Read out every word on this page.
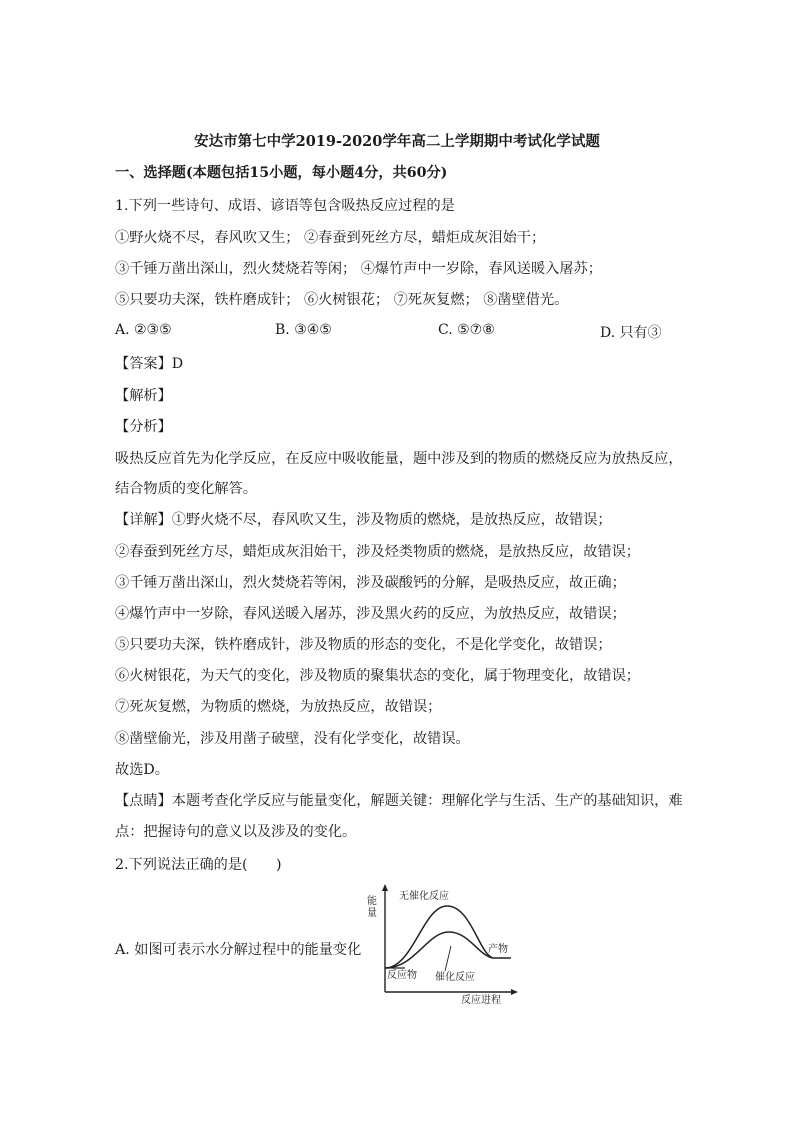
安达市第七中学2019-2020学年高二上学期期中考试化学试题
一、选择题(本题包括15小题，每小题4分，共60分)
1.下列一些诗句、成语、谚语等包含吸热反应过程的是
①野火烧不尽，春风吹又生； ②春蚕到死丝方尽，蜡炬成灰泪始干；
③千锤万凿出深山，烈火焚烧若等闲； ④爆竹声中一岁除，春风送暖入屠苏；
⑤只要功夫深，铁杵磨成针； ⑥火树银花； ⑦死灰复燃； ⑧凿壁借光。
A. ②③⑤	B. ③④⑤	C. ⑤⑦⑧	D. 只有③
【答案】D
【解析】
【分析】
吸热反应首先为化学反应，在反应中吸收能量，题中涉及到的物质的燃烧反应为放热反应，
结合物质的变化解答。
【详解】①野火烧不尽，春风吹又生，涉及物质的燃烧，是放热反应，故错误；
②春蚕到死丝方尽，蜡炬成灰泪始干，涉及烃类物质的燃烧，是放热反应，故错误；
③千锤万凿出深山，烈火焚烧若等闲，涉及碳酸钙的分解，是吸热反应，故正确；
④爆竹声中一岁除，春风送暖入屠苏，涉及黑火药的反应，为放热反应，故错误；
⑤只要功夫深，铁杵磨成针，涉及物质的形态的变化，不是化学变化，故错误；
⑥火树银花，为天气的变化，涉及物质的聚集状态的变化，属于物理变化，故错误；
⑦死灰复燃，为物质的燃烧，为放热反应，故错误；
⑧凿壁偷光，涉及用凿子破壁，没有化学变化，故错误。
故选D。
【点睛】本题考查化学反应与能量变化，解题关键：理解化学与生活、生产的基础知识，难
点：把握诗句的意义以及涉及的变化。
2.下列说法正确的是(　　)
A. 如图可表示水分解过程中的能量变化
能
量
反应进程
无催化反应
反应物
产物
催化反应
